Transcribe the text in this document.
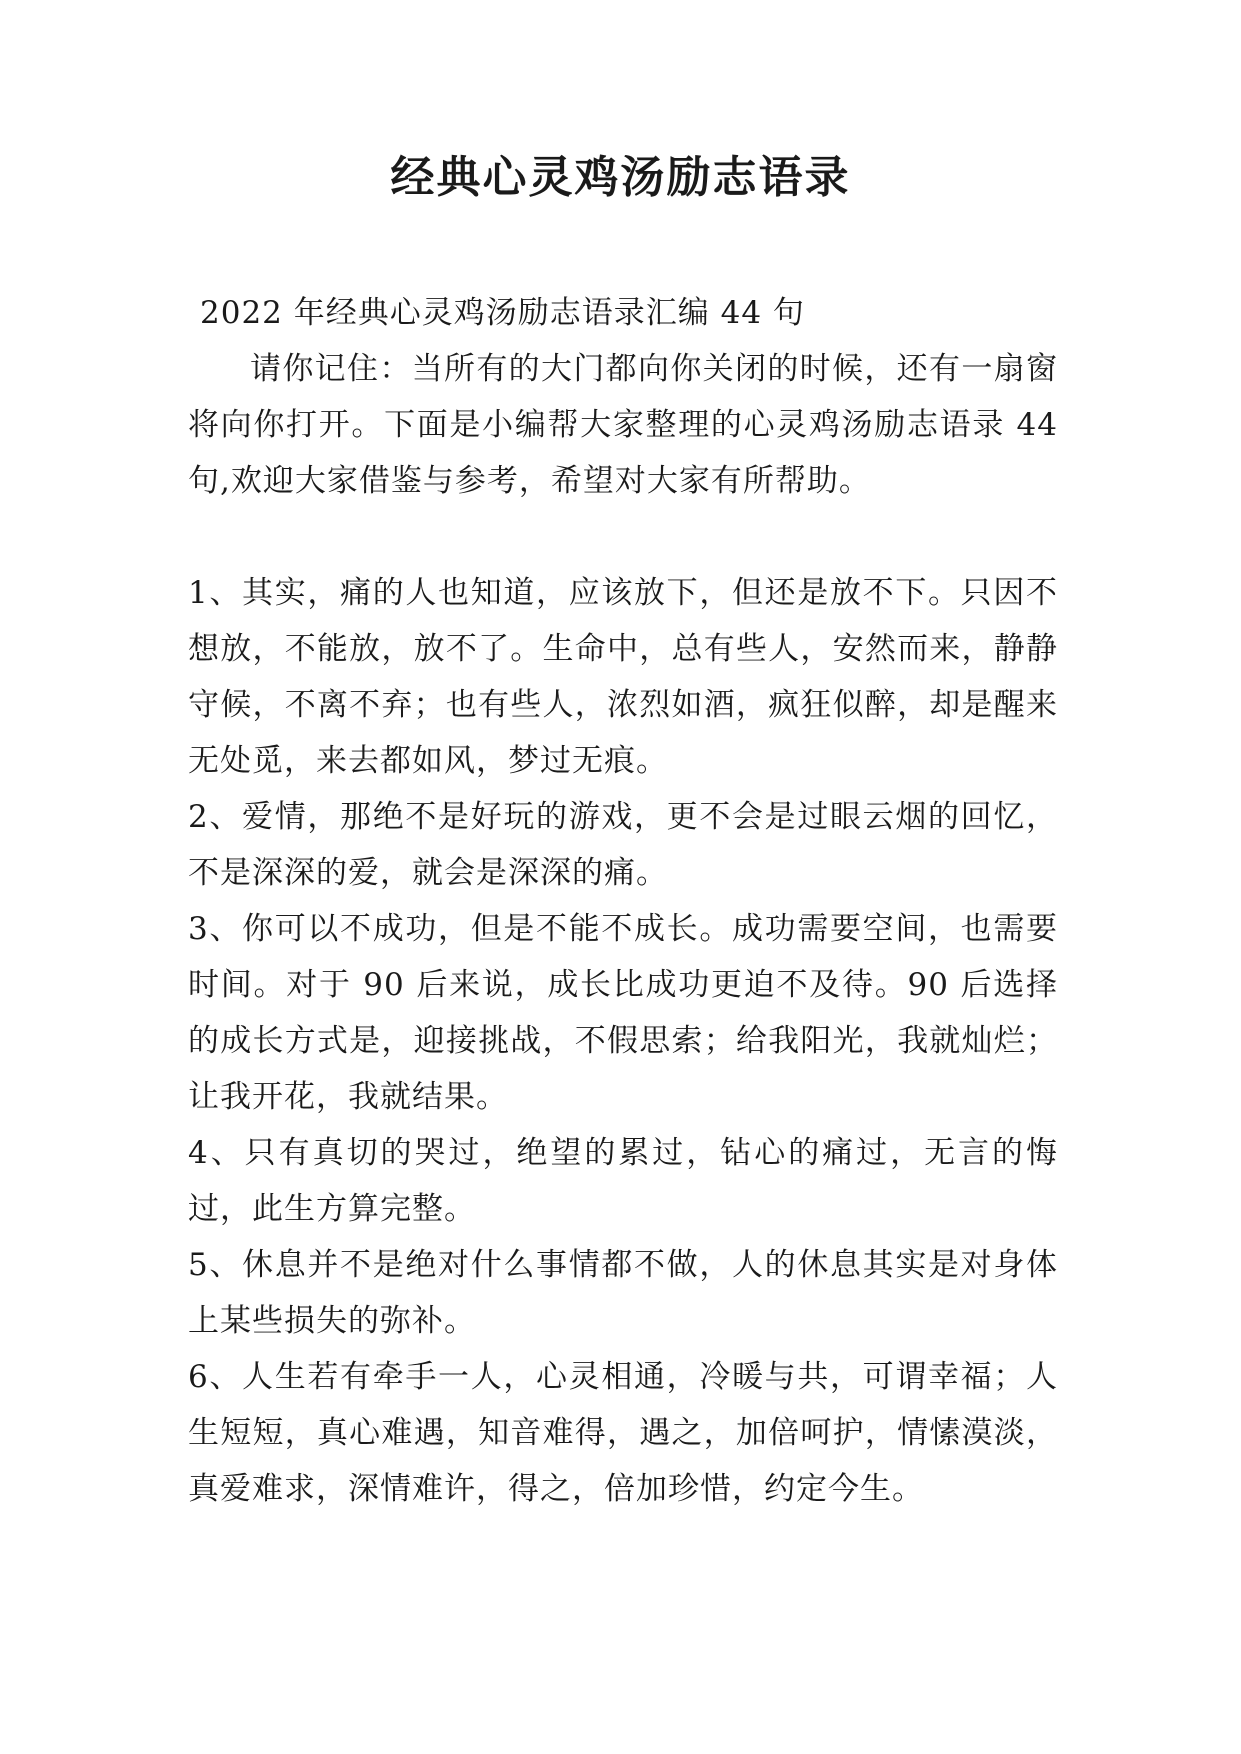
经典心灵鸡汤励志语录

2022 年经典心灵鸡汤励志语录汇编 44 句

请你记住：当所有的大门都向你关闭的时候，还有一扇窗将向你打开。下面是小编帮大家整理的心灵鸡汤励志语录 44 句,欢迎大家借鉴与参考，希望对大家有所帮助。

1、其实，痛的人也知道，应该放下，但还是放不下。只因不想放，不能放，放不了。生命中，总有些人，安然而来，静静守候，不离不弃；也有些人，浓烈如酒，疯狂似醉，却是醒来无处觅，来去都如风，梦过无痕。
2、爱情，那绝不是好玩的游戏，更不会是过眼云烟的回忆，不是深深的爱，就会是深深的痛。
3、你可以不成功，但是不能不成长。成功需要空间，也需要时间。对于 90 后来说，成长比成功更迫不及待。90 后选择的成长方式是，迎接挑战，不假思索；给我阳光，我就灿烂；让我开花，我就结果。
4、只有真切的哭过，绝望的累过，钻心的痛过，无言的悔过，此生方算完整。
5、休息并不是绝对什么事情都不做，人的休息其实是对身体上某些损失的弥补。
6、人生若有牵手一人，心灵相通，冷暖与共，可谓幸福；人生短短，真心难遇，知音难得，遇之，加倍呵护，情愫漠淡，真爱难求，深情难许，得之，倍加珍惜，约定今生。
